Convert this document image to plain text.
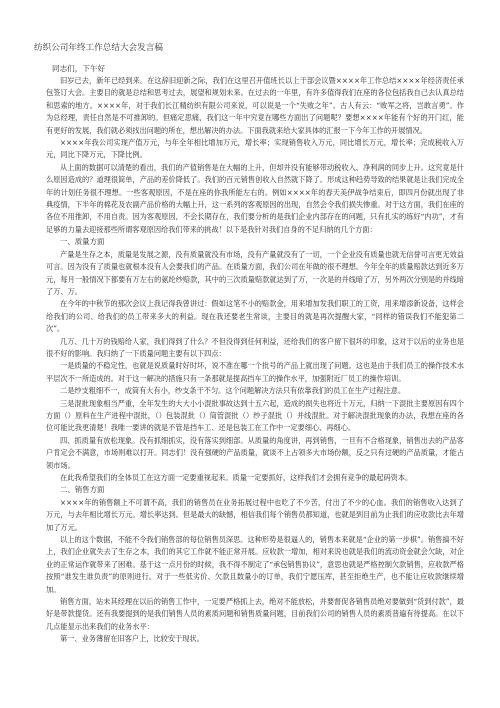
纺织公司年终工作总结大会发言稿
同志们，下午好

旧岁已去，新年已经到来。在这辞旧迎新之际，我们在这里召开值班长以上干部会议暨××××年工作总结××××年经济责任承包签订大会。主要目的就是总结和思考过去，展望和规划未来。在过去的一年里，有许多值得我们在座的各位包括我自己去认真总结和思索的地方。××××年，对于我们长江精纺织有限公司来说，可以说是一个“失败之年”。古人有云：“败军之将，岂敢言勇”。作为总经理，责任自然是不可推卸的。但痛定思痛，我们这一年中究竟在哪些方面出了问题呢？要想××××年能有个好的开门红，能有更好的发展，我们就必须找出问题的所在，想出解决的办法。下面我就来给大家具体的汇报一下今年工作的开展情况。

××××年我公司实现产值万元，与年全年相比增加万元，增长率；实现销售收入万元，同比增长万元，增长率；完成税收入万元，同比下降万元，下降比例。

从上面的数据可以清楚的看出，我们的产值销售是在大幅的上升，但却并没有能够带动税收入、净利润的同步上升。这究竟是什么原因造成的？道理很简单，产品的差价降低了。我们的百元销售创收入自然就下降了。形成这种趋势导致的结果就是让我们完成全年的计划任务很不理想。一些客观原因，不是在座的你我所能左右的。例如××××年的春天美伊战争结束后，即四月份就出现了非典疫情，下半年的棉花及农副产品价格的大幅上升，这一系列的客观原因的出现，自然会令我们损失惨重。对于这方面，我们在座的各位不用推卸，不用自责。因为客观原因，不会长期存在，我们要分析的是我们企业内部存在的问题，只有扎实的练好“内功”，才有足够的力量去迎接那些所谓客观原因给我们带来的挑战！以下是我针对我们自身的不足归纳的几个方面：

一、质量方面

产量是生存之本，质量是发展之源，没有质量就没有市场，没有产量就没有了一切，一个企业没有质量也就无信誉可言更无效益可言。因为没有了质量也就根本没有人会要我们的产品。在质量方面，我们公司在年做的很不理想。今年全年的质量赔款达到近多万元，每月一般情况下都要有万左右的氨纶纱赔款，其中的三次质量赔款就达到了万，一次是的并线暗了万，另外两次分别是的并线暗了万、万。

在今年的中秋节的那次会议上我记得我曾讲过：假如这笔不小的赔款金，用来增加发我们职工的工资，用来增添新设备，这样会给我们的公司、给我们的员工带来多大的利益。现在我还要老生常谈，主要目的就是再次提醒大家，“同样的错误我们不能犯第二次”。

几万、几十万的钱赔给人家，我们得到了什么？不但没得到任何利益，还给我们的客户留下很坏的印象，这对于以后的业务也是很不好的影响。我归纳了一下质量问题主要有以下四点：

一是质量的不稳定性，也就是说质量时好时坏，说不准在哪一个批号的产品上就出现了问题。这也是由于我们员工的操作技术水平层次不一所造成的。对于这一解决的措施只有一条那就是提高挡车工的操作水平，加强附近厂员工的操作培训。

二是纱支粗细不一，成筒有大有小，纱支条干不匀。这个问题解决方法只有依靠我们的员工在生产过程注意。

三是混批现象相当严重，全年发生的大大小小混批事故达到十五六起，造成的损失也将近十万元，归纳一下混批主要原因有四个方面（）原料在生产进程中混批，（）包装混批（）筒管混批（）纱子混批（）并线混批。对于解决混批现象的办法，我想在座的各位可能比我更清楚！我唯一要讲的就是不管是挡车工、还是包装工在工作中一定要细心、再细心。

四、抓质量有放松现象。没有抓细抓实，没有落实到细部。从质量的角度讲，再到销售，一旦有不合格现象，销售出去的产品客户肯定会不满意，市场则难以打开。同志们！没有强硬的产品质量，就谈不上占领多大市场份额，反之只有过硬的产品质量，才能占领市场。

在此我希望我们的全体员工在这方面一定要重视起来。质量一定要抓好，这样我们才会拥有竞争的最起码资本。

二、销售方面

××××年的销售额上不可谓不高，我们的销售员在业务拓展过程中也吃了不少苦，付出了不少的心血。我们的销售收入达到了万元，与去年相比增长万元。增长率达到。但是最大的缺憾，相信我们每个销售员都知道，也就是到目前为止我们的应收款比去年增加了万元。

以上的这个数据，不能不令我们销售部的每位销售员深思。这种形势是很逼人的，销售本来就是“企业的第一步棋”。销售搞不好上，我们企业就失去了生存之本，我们的其它工作就不能正常开展。应收款一增加，相对来说也就是我们的流动资金就会欠缺，对企业的正常运作就带来了困难。基于这一点月份的时候，我不得不制定了“承包销售协议”，意思也就是严格控制欠款销售，应收款严格按照“谁发生谁负责”的原则进行。对于一些低劣价、欠款且数量小的订单，我们宁愿压库，甚至拒绝生产，也不能让应收款继续增加。

销售方面，站未其经理在以后的销售工作中，一定要严格抓上去，绝对不能放松，并要督促各销售员绝对要做到“货到付款”，最好是带款提货。还有我要提到的是我们销售人员的素质问题和销售质量问题，目前我们公司的销售人员的素质普遍有待提高。在以下几点能显示出来我们的业务水平：

第一、业务薄留在旧客户上，比较安于现状。
